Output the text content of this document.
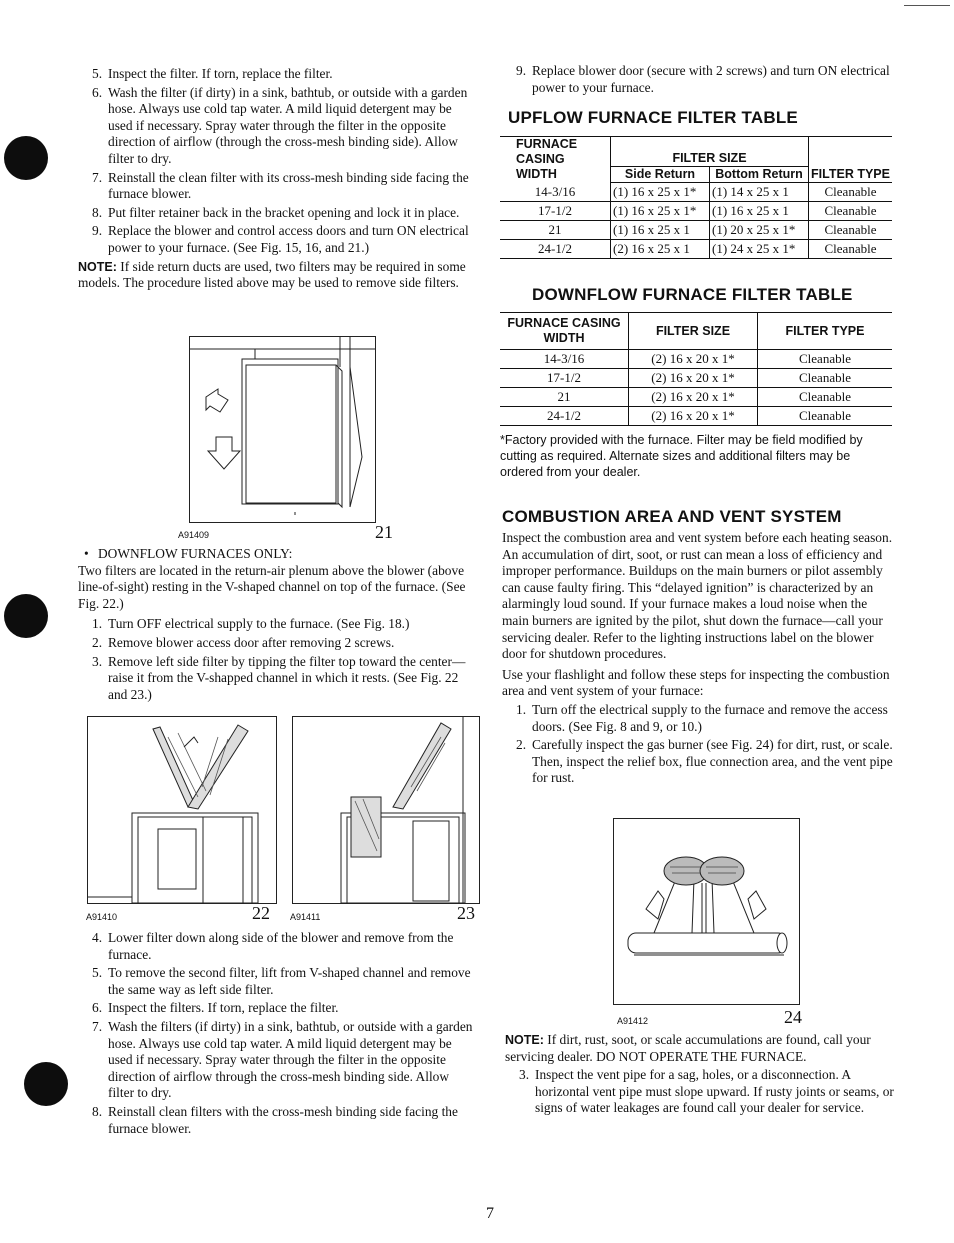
5. Inspect the filter. If torn, replace the filter.
6. Wash the filter (if dirty) in a sink, bathtub, or outside with a garden hose. Always use cold tap water. A mild liquid detergent may be used if necessary. Spray water through the filter in the opposite direction of airflow (through the cross-mesh binding side). Allow filter to dry.
7. Reinstall the clean filter with its cross-mesh binding side facing the furnace blower.
8. Put filter retainer back in the bracket opening and lock it in place.
9. Replace the blower and control access doors and turn ON electrical power to your furnace. (See Fig. 15, 16, and 21.)
NOTE: If side return ducts are used, two filters may be required in some models. The procedure listed above may be used to remove side filters.
A91409	21
• DOWNFLOW FURNACES ONLY:
Two filters are located in the return-air plenum above the blower (above line-of-sight) resting in the V-shaped channel on top of the furnace. (See Fig. 22.)
1. Turn OFF electrical supply to the furnace. (See Fig. 18.)
2. Remove blower access door after removing 2 screws.
3. Remove left side filter by tipping the filter top toward the center—raise it from the V-shapped channel in which it rests. (See Fig. 22 and 23.)
A91410	22 A91411	23
4. Lower filter down along side of the blower and remove from the furnace.
5. To remove the second filter, lift from V-shaped channel and remove the same way as left side filter.
6. Inspect the filters. If torn, replace the filter.
7. Wash the filters (if dirty) in a sink, bathtub, or outside with a garden hose. Always use cold tap water. A mild liquid detergent may be used if necessary. Spray water through the filter in the opposite direction of airflow through the cross-mesh binding side. Allow filter to dry.
8. Reinstall clean filters with the cross-mesh binding side facing the furnace blower.
9. Replace blower door (secure with 2 screws) and turn ON electrical power to your furnace.
UPFLOW FURNACE FILTER TABLE
FURNACE CASING WIDTH	FILTER SIZE		
	Side Return	Bottom Return	FILTER TYPE
14-3/16	(1) 16 x 25 x 1*	(1) 14 x 25 x 1	Cleanable
17-1/2	(1) 16 x 25 x 1*	(1) 16 x 25 x 1	Cleanable
21	(1) 16 x 25 x 1	(1) 20 x 25 x 1*	Cleanable
24-1/2	(2) 16 x 25 x 1	(1) 24 x 25 x 1*	Cleanable
DOWNFLOW FURNACE FILTER TABLE
FURNACE CASING WIDTH	FILTER SIZE	FILTER TYPE
14-3/16	(2) 16 x 20 x 1*	Cleanable
17-1/2	(2) 16 x 20 x 1*	Cleanable
21	(2) 16 x 20 x 1*	Cleanable
24-1/2	(2) 16 x 20 x 1*	Cleanable
*Factory provided with the furnace. Filter may be field modified by cutting as required. Alternate sizes and additional filters may be ordered from your dealer.
COMBUSTION AREA AND VENT SYSTEM
Inspect the combustion area and vent system before each heating season. An accumulation of dirt, soot, or rust can mean a loss of efficiency and improper performance. Buildups on the main burners or pilot assembly can cause faulty firing. This “delayed ignition” is characterized by an alarmingly loud sound. If your furnace makes a loud noise when the main burners are ignited by the pilot, shut down the furnace—call your servicing dealer. Refer to the lighting instructions label on the blower door for shutdown procedures.
Use your flashlight and follow these steps for inspecting the combustion area and vent system of your furnace:
1. Turn off the electrical supply to the furnace and remove the access doors. (See Fig. 8 and 9, or 10.)
2. Carefully inspect the gas burner (see Fig. 24) for dirt, rust, or scale. Then, inspect the relief box, flue connection area, and the vent pipe for rust.
A91412	24
NOTE: If dirt, rust, soot, or scale accumulations are found, call your servicing dealer. DO NOT OPERATE THE FURNACE.
3. Inspect the vent pipe for a sag, holes, or a disconnection. A horizontal vent pipe must slope upward. If rusty joints or seams, or signs of water leakages are found call your dealer for service.
7
